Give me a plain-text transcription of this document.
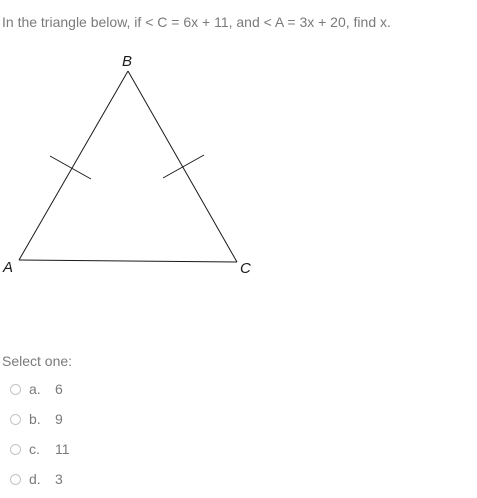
In the triangle below, if < C = 6x + 11, and < A = 3x + 20, find x.
B
A	C
Select one:
a.	6
b.	9
c.	11
d.	3
